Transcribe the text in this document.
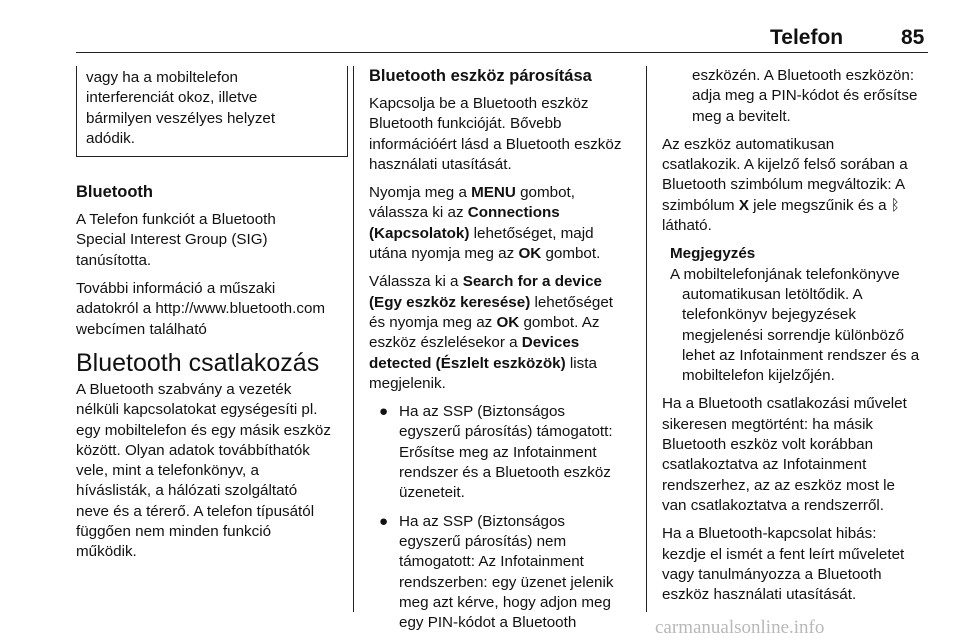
Telefon	85
vagy ha a mobiltelefon
interferenciát okoz, illetve
bármilyen veszélyes helyzet
adódik.
Bluetooth

A Telefon funkciót a Bluetooth
Special Interest Group (SIG)
tanúsította.

További információ a műszaki
adatokról a http://www.bluetooth.com
webcímen található

Bluetooth csatlakozás

A Bluetooth szabvány a vezeték
nélküli kapcsolatokat egységesíti pl.
egy mobiltelefon és egy másik eszköz
között. Olyan adatok továbbíthatók
vele, mint a telefonkönyv, a
híváslisták, a hálózati szolgáltató
neve és a térerő. A telefon típusától
függően nem minden funkció
működik.

Bluetooth eszköz párosítása

Kapcsolja be a Bluetooth eszköz
Bluetooth funkcióját. Bővebb
információért lásd a Bluetooth eszköz
használati utasítását.

Nyomja meg a MENU gombot,
válassza ki az Connections
(Kapcsolatok) lehetőséget, majd
utána nyomja meg az OK gombot.

Válassza ki a Search for a device
(Egy eszköz keresése) lehetőséget
és nyomja meg az OK gombot. Az
eszköz észlelésekor a Devices
detected (Észlelt eszközök) lista
megjelenik.

● Ha az SSP (Biztonságos
egyszerű párosítás) támogatott:
Erősítse meg az Infotainment
rendszer és a Bluetooth eszköz
üzeneteit.
● Ha az SSP (Biztonságos
egyszerű párosítás) nem
támogatott: Az Infotainment
rendszerben: egy üzenet jelenik
meg azt kérve, hogy adjon meg
egy PIN-kódot a Bluetooth
eszközén. A Bluetooth eszközön:
adja meg a PIN-kódot és erősítse
meg a bevitelt.

Az eszköz automatikusan
csatlakozik. A kijelző felső sorában a
Bluetooth szimbólum megváltozik: A
szimbólum X jele megszűnik és a ᛒ
látható.

Megjegyzés
A mobiltelefonjának telefonkönyve
automatikusan letöltődik. A
telefonkönyv bejegyzések
megjelenési sorrendje különböző
lehet az Infotainment rendszer és a
mobiltelefon kijelzőjén.

Ha a Bluetooth csatlakozási művelet
sikeresen megtörtént: ha másik
Bluetooth eszköz volt korábban
csatlakoztatva az Infotainment
rendszerhez, az az eszköz most le
van csatlakoztatva a rendszerről.

Ha a Bluetooth-kapcsolat hibás:
kezdje el ismét a fent leírt műveletet
vagy tanulmányozza a Bluetooth
eszköz használati utasítását.

carmanualsonline.info
